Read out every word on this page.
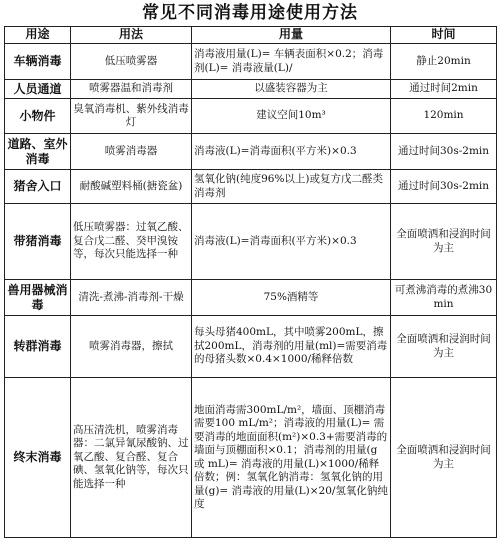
常见不同消毒用途使用方法
用途	用法	用量	时间
车辆消毒	低压喷雾器	消毒液用量(L)= 车辆表面积×0.2；消毒剂(L)= 消毒液量(L)/	静止20min
人员通道	喷雾器温和消毒剂	以盛装容器为主	通过时间2min
小物件	臭氧消毒机、紫外线消毒灯	建议空间10m³	120min
道路、室外消毒	喷雾消毒器	消毒液(L)=消毒面积(平方米)×0.3	通过时间30s-2min
猪舍入口	耐酸碱塑料桶(搪瓷盆)	氢氧化钠(纯度96%以上)或复方戊二醛类消毒剂	通过时间30s-2min
带猪消毒	低压喷雾器：过氧乙酸、复合戊二醛、癸甲溴铵等，每次只能选择一种	消毒液(L)=消毒面积(平方米)×0.3	全面喷洒和浸润时间为主
兽用器械消毒	清洗-煮沸-消毒剂-干燥	75%酒精等	可煮沸消毒的煮沸30min
转群消毒	喷雾消毒器，擦拭	每头母猪400mL，其中喷雾200mL，擦拭200mL，消毒剂的用量(ml)=需要消毒的母猪头数×0.4×1000/稀释倍数	全面喷洒和浸润时间为主
终末消毒	高压清洗机，喷雾消毒器：二氯异氰尿酸钠、过氧乙酸、复合醛、复合碘、氢氧化钠等，每次只能选择一种	地面消毒需300mL/m²，墙面、顶棚消毒需要100 mL/m²；消毒液的用量(L)= 需要消毒的地面面积(m²)×0.3+需要消毒的墙面与顶棚面积×0.1；消毒剂的用量(g 或 mL)= 消毒液的用量(L)×1000/稀释倍数；例：氢氧化钠消毒：氢氧化钠的用量(g)= 消毒液的用量(L)×20/氢氧化钠纯度	全面喷洒和浸润时间为主
